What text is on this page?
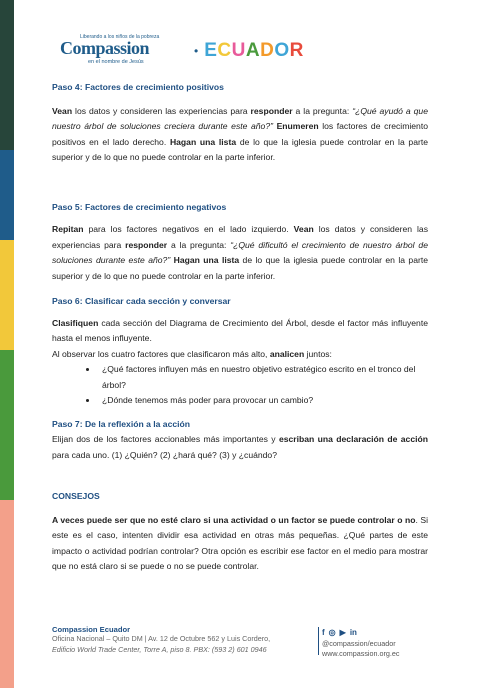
Liberando a los niños de la pobreza
Compassion
en el nombre de Jesús
• ECUADOR

Paso 4: Factores de crecimiento positivos

Vean los datos y consideren las experiencias para responder a la pregunta: “¿Qué ayudó a que nuestro árbol de soluciones creciera durante este año?” Enumeren los factores de crecimiento positivos en el lado derecho. Hagan una lista de lo que la iglesia puede controlar en la parte superior y de lo que no puede controlar en la parte inferior.

Paso 5: Factores de crecimiento negativos

Repitan para los factores negativos en el lado izquierdo. Vean los datos y consideren las experiencias para responder a la pregunta: “¿Qué dificultó el crecimiento de nuestro árbol de soluciones durante este año?” Hagan una lista de lo que la iglesia puede controlar en la parte superior y de lo que no puede controlar en la parte inferior.

Paso 6: Clasificar cada sección y conversar

Clasifiquen cada sección del Diagrama de Crecimiento del Árbol, desde el factor más influyente hasta el menos influyente.

Al observar los cuatro factores que clasificaron más alto, analicen juntos:

• ¿Qué factores influyen más en nuestro objetivo estratégico escrito en el tronco del árbol?
• ¿Dónde tenemos más poder para provocar un cambio?

Paso 7: De la reflexión a la acción

Elijan dos de los factores accionables más importantes y escriban una declaración de acción para cada uno. (1) ¿Quién? (2) ¿hará qué? (3) y ¿cuándo?

CONSEJOS

A veces puede ser que no esté claro si una actividad o un factor se puede controlar o no. Si este es el caso, intenten dividir esa actividad en otras más pequeñas. ¿Qué partes de este impacto o actividad podrían controlar? Otra opción es escribir ese factor en el medio para mostrar que no está claro si se puede o no se puede controlar.

Compassion Ecuador
Oficina Nacional – Quito DM | Av. 12 de Octubre 562 y Luis Cordero,
Edificio World Trade Center, Torre A, piso 8. PBX: (593 2) 601 0946
f ◎ ▶ in
@compassion/ecuador
www.compassion.org.ec
